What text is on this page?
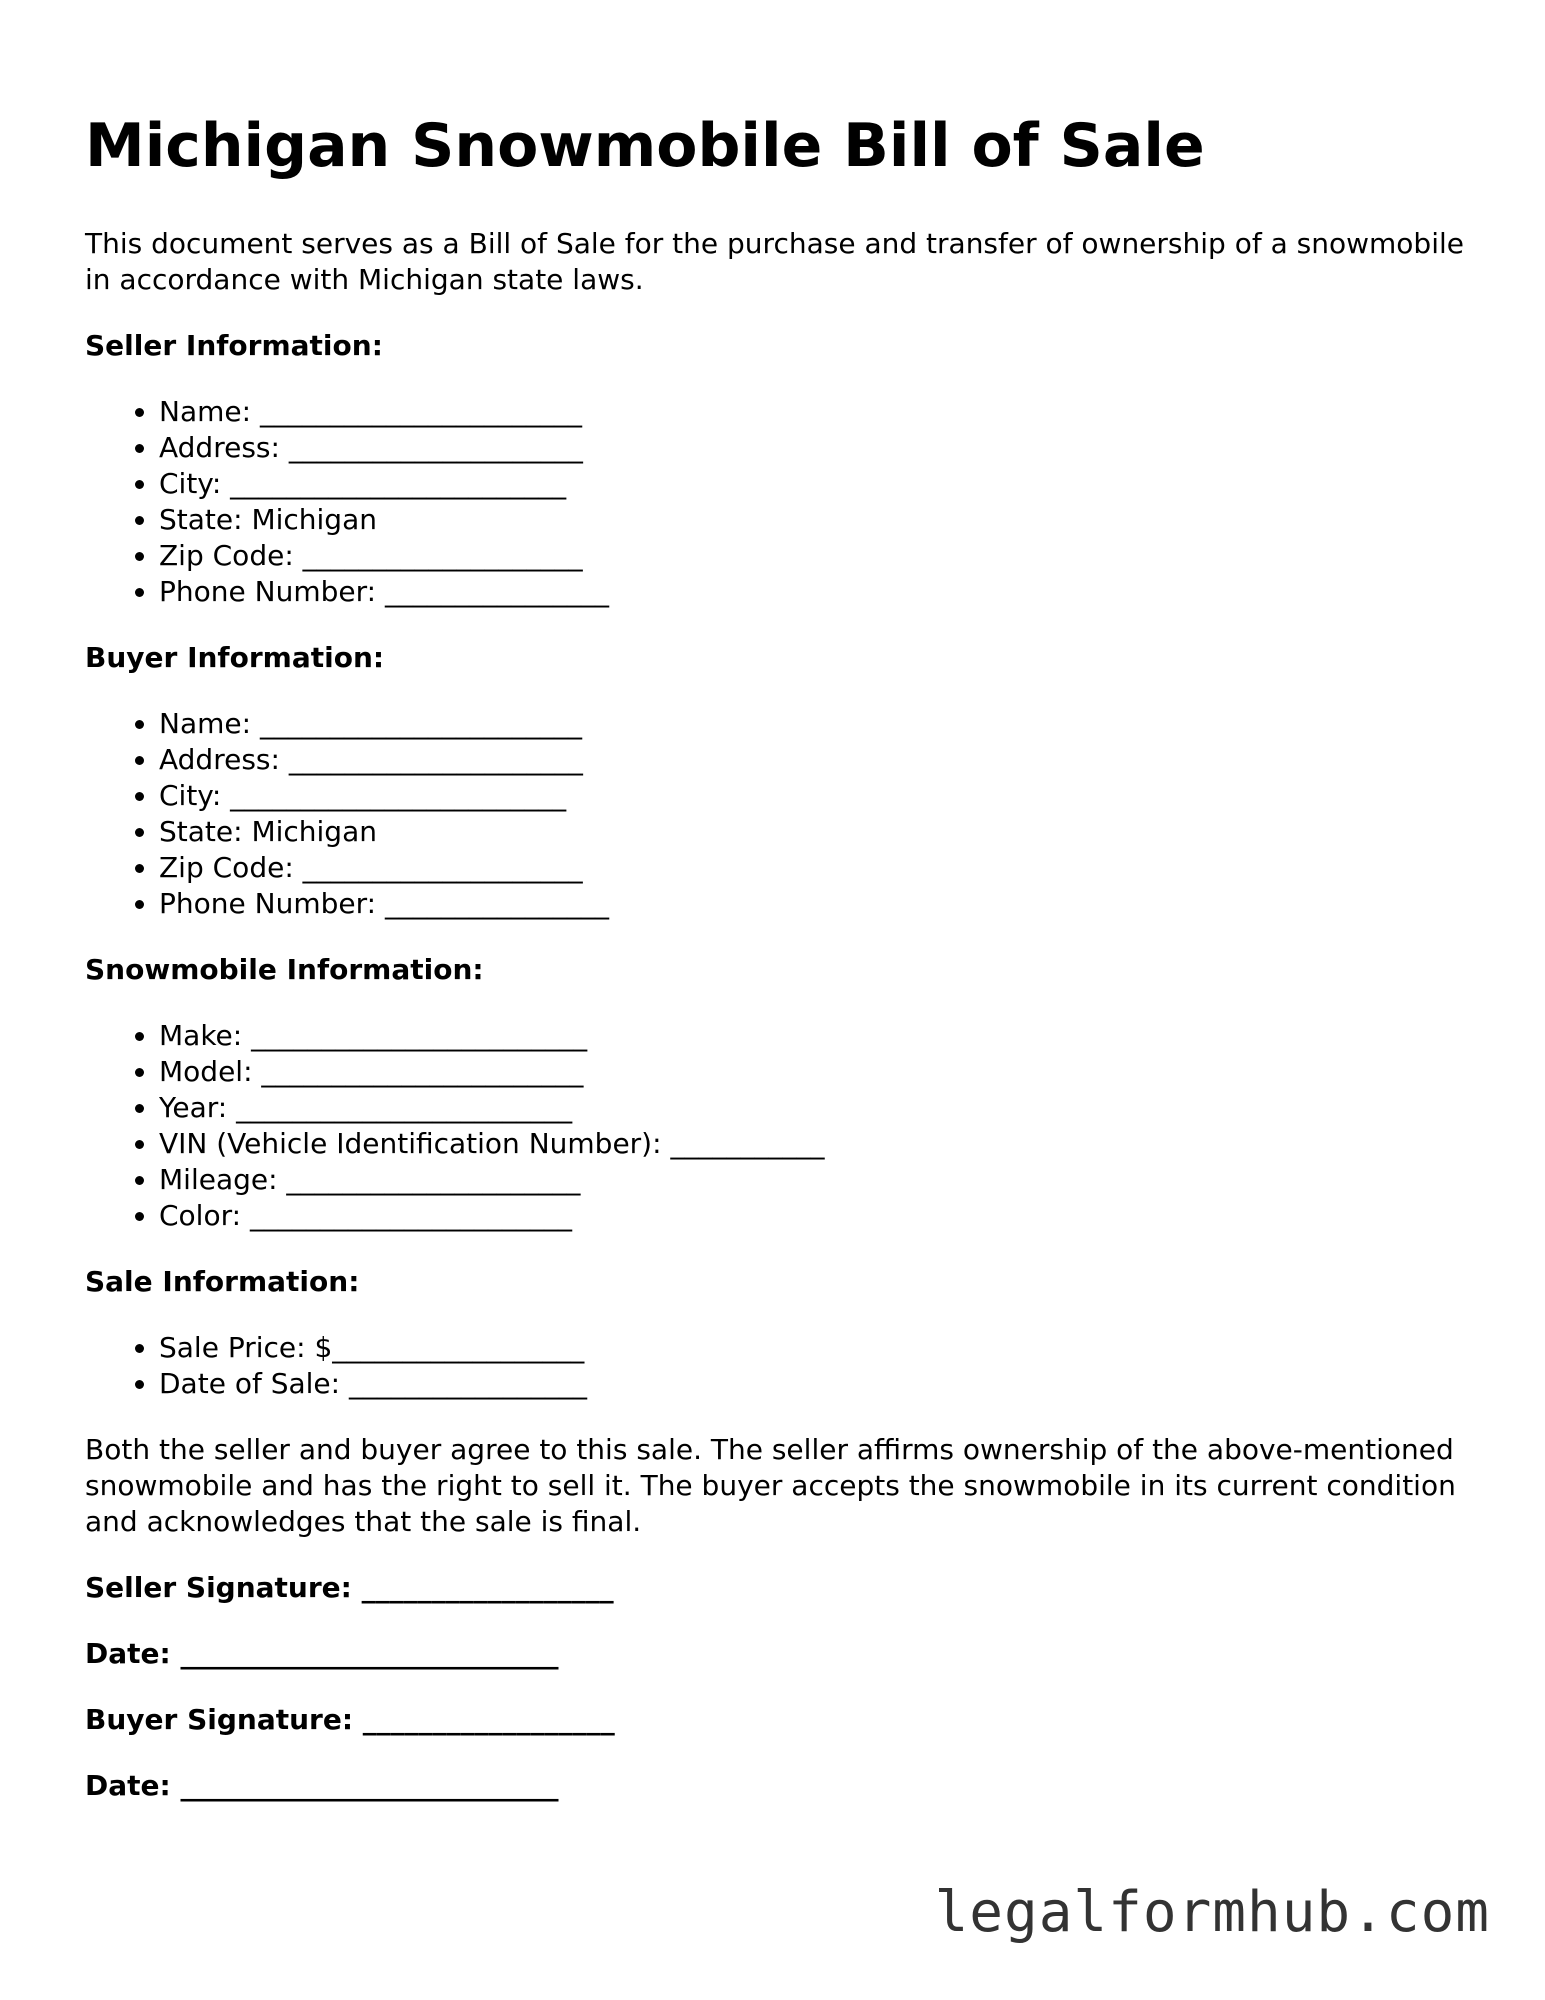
Michigan Snowmobile Bill of Sale

This document serves as a Bill of Sale for the purchase and transfer of ownership of a snowmobile in accordance with Michigan state laws.

Seller Information:
• Name: _______________________
• Address: _____________________
• City: ________________________
• State: Michigan
• Zip Code: ____________________
• Phone Number: ________________
Buyer Information:
• Name: _______________________
• Address: _____________________
• City: ________________________
• State: Michigan
• Zip Code: ____________________
• Phone Number: ________________
Snowmobile Information:
• Make: ________________________
• Model: _______________________
• Year: ________________________
• VIN (Vehicle Identification Number): ___________
• Mileage: _____________________
• Color: _______________________
Sale Information:
• Sale Price: $__________________
• Date of Sale: _________________

Both the seller and buyer agree to this sale. The seller affirms ownership of the above-mentioned snowmobile and has the right to sell it. The buyer accepts the snowmobile in its current condition and acknowledges that the sale is final.

Seller Signature: __________________
Date: ___________________________
Buyer Signature: __________________
Date: ___________________________
legalformhub.com
